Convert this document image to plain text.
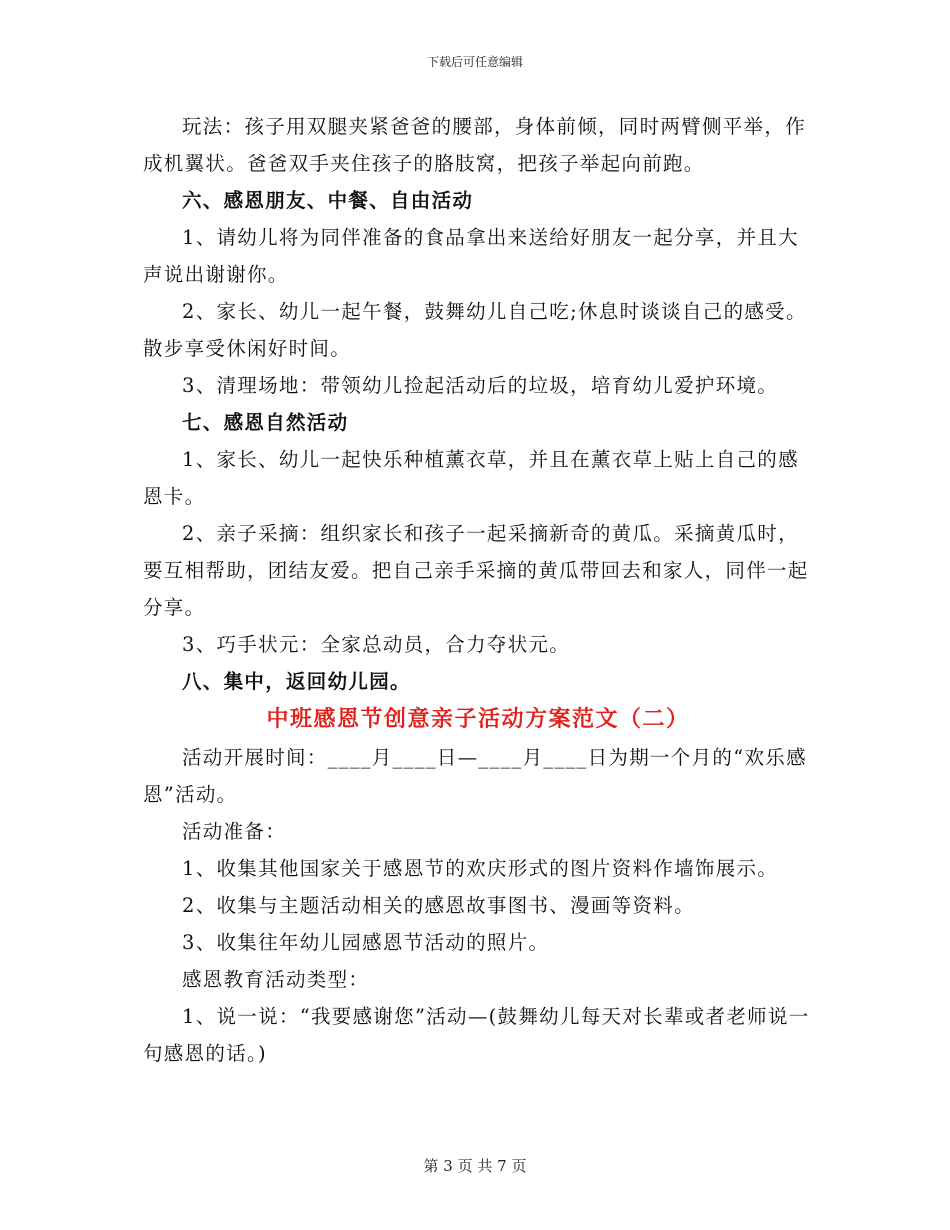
下载后可任意编辑

玩法：孩子用双腿夹紧爸爸的腰部，身体前倾，同时两臂侧平举，作成机翼状。爸爸双手夹住孩子的胳肢窝，把孩子举起向前跑。

六、感恩朋友、中餐、自由活动

1、请幼儿将为同伴准备的食品拿出来送给好朋友一起分享，并且大声说出谢谢你。

2、家长、幼儿一起午餐，鼓舞幼儿自己吃;休息时谈谈自己的感受。散步享受休闲好时间。

3、清理场地：带领幼儿捡起活动后的垃圾，培育幼儿爱护环境。

七、感恩自然活动

1、家长、幼儿一起快乐种植薰衣草，并且在薰衣草上贴上自己的感恩卡。

2、亲子采摘：组织家长和孩子一起采摘新奇的黄瓜。采摘黄瓜时，要互相帮助，团结友爱。把自己亲手采摘的黄瓜带回去和家人，同伴一起分享。

3、巧手状元：全家总动员，合力夺状元。

八、集中，返回幼儿园。

中班感恩节创意亲子活动方案范文（二）

活动开展时间：____月____日—____月____日为期一个月的“欢乐感恩”活动。

活动准备：

1、收集其他国家关于感恩节的欢庆形式的图片资料作墙饰展示。

2、收集与主题活动相关的感恩故事图书、漫画等资料。

3、收集往年幼儿园感恩节活动的照片。

感恩教育活动类型：

1、说一说：“我要感谢您”活动—(鼓舞幼儿每天对长辈或者老师说一句感恩的话。)

第 3 页 共 7 页
